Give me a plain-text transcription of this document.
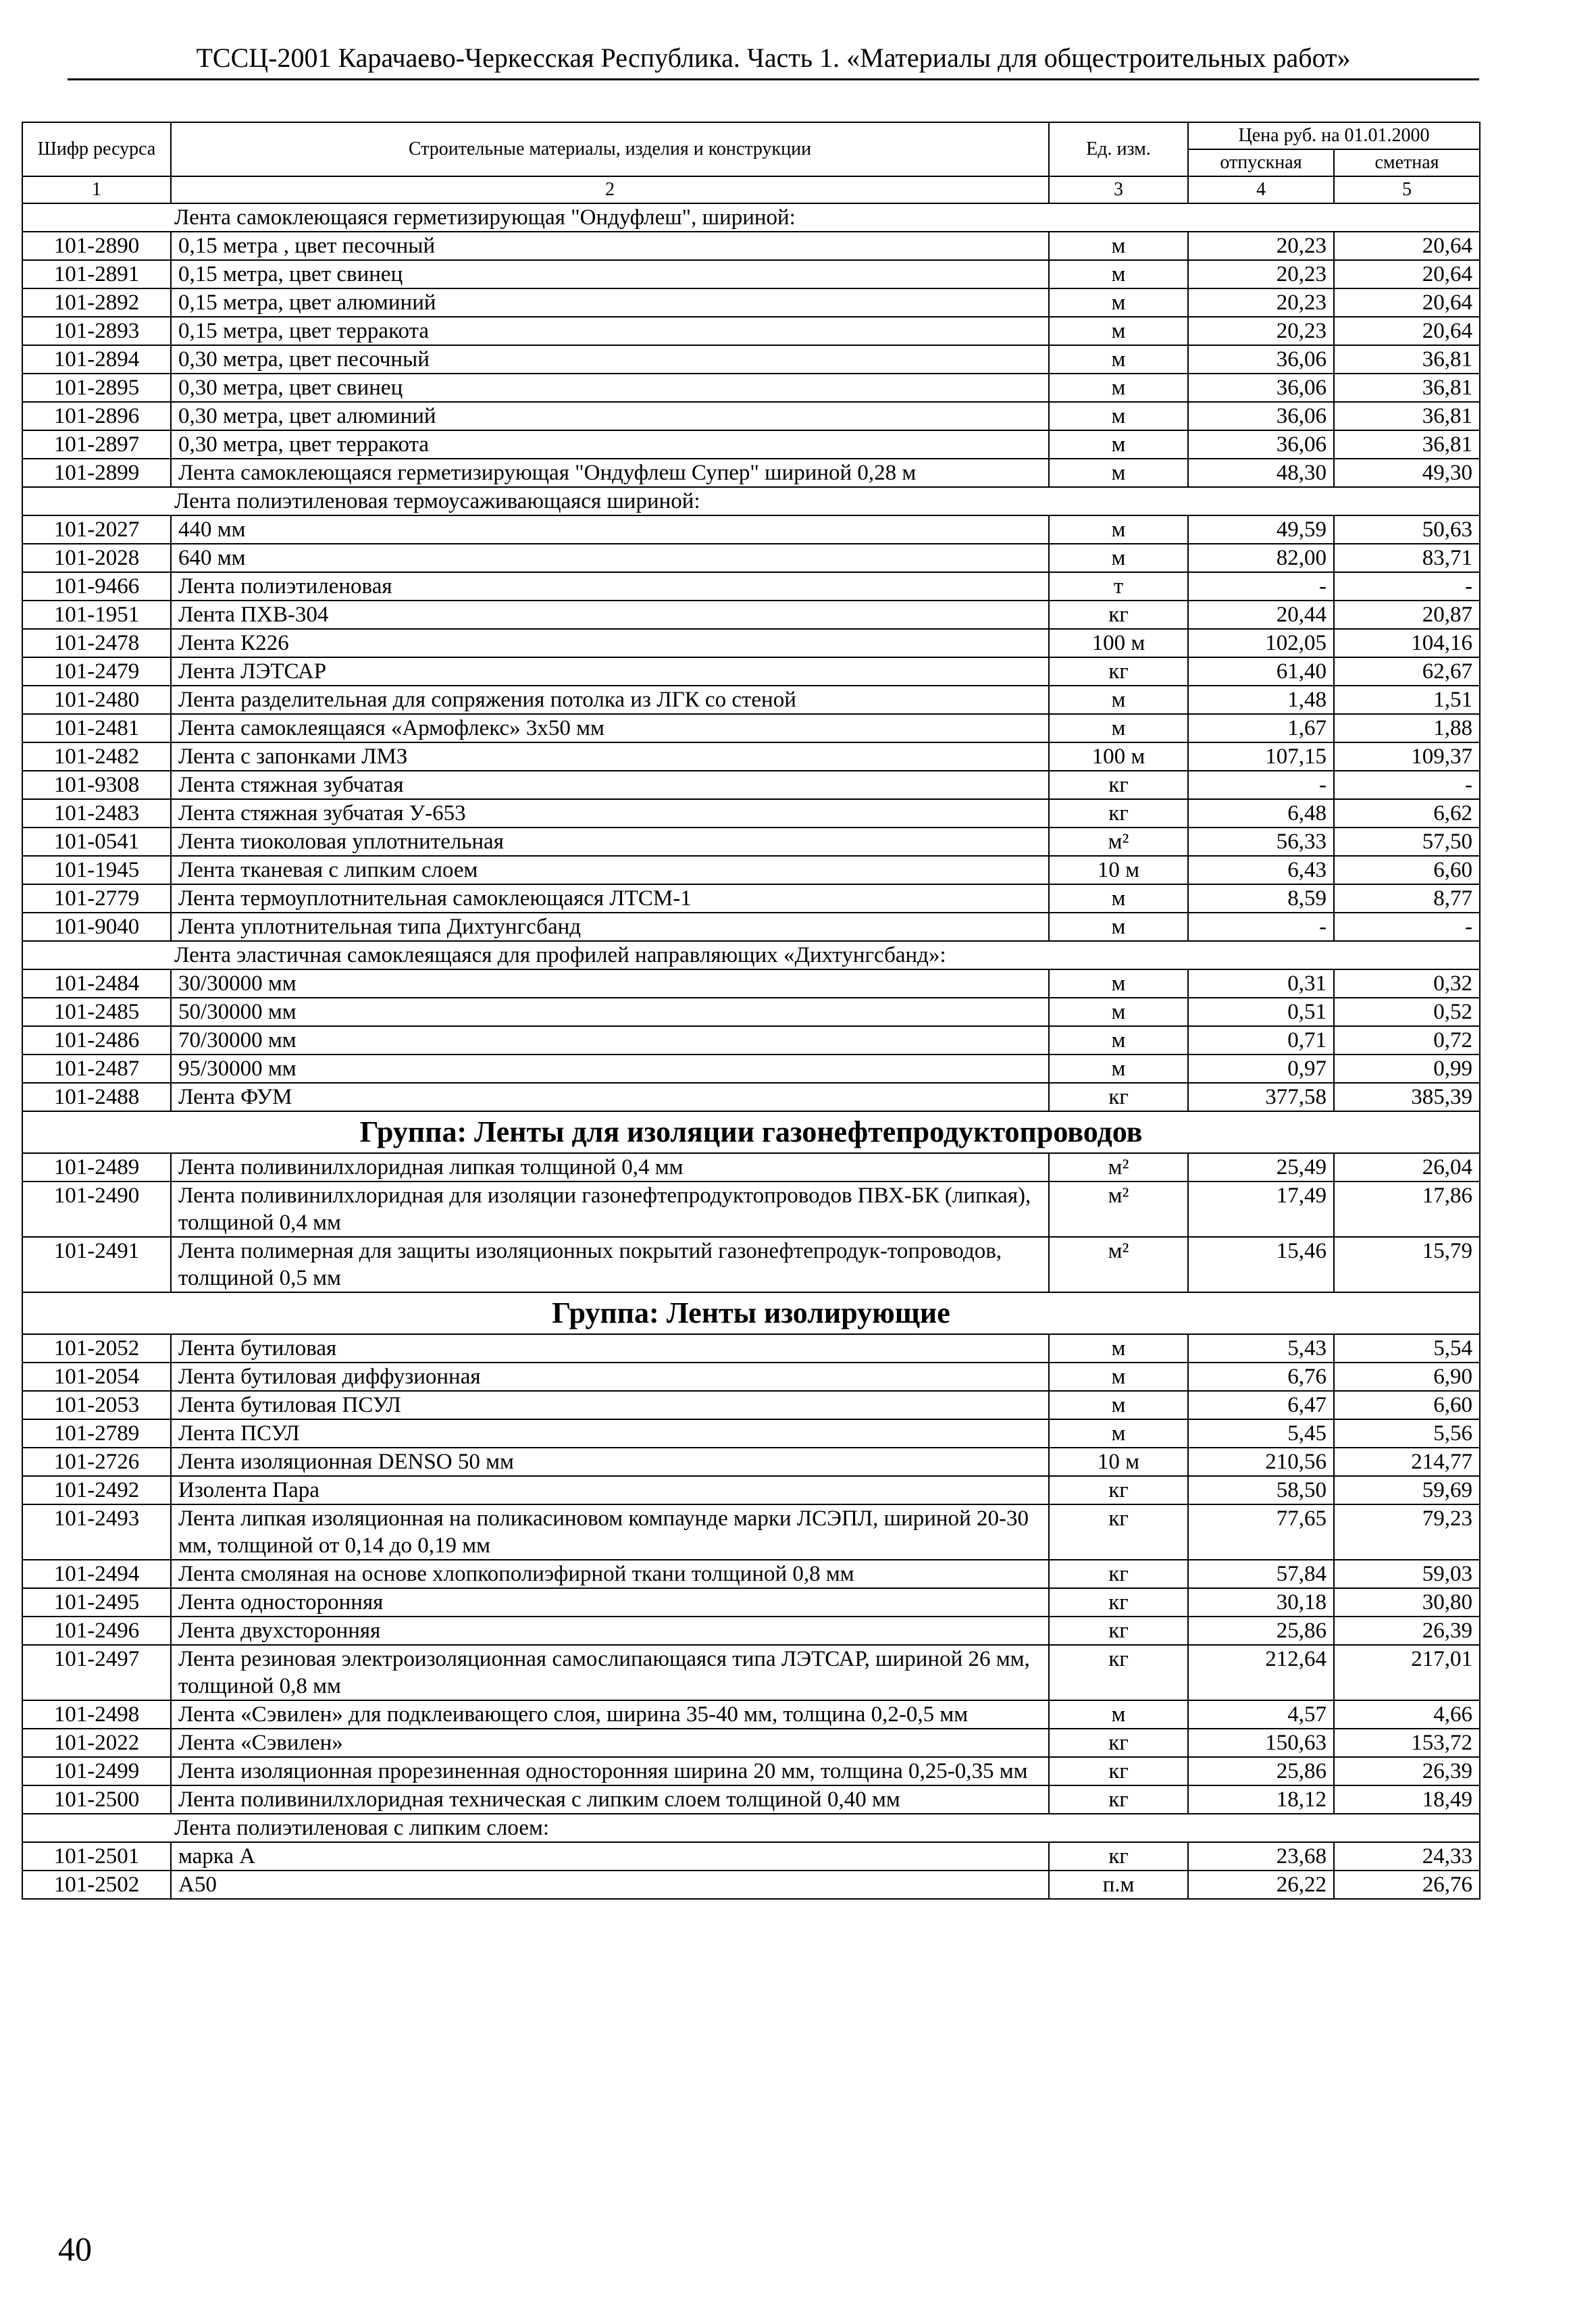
ТССЦ-2001 Карачаево-Черкесская Республика. Часть 1. «Материалы для общестроительных работ»
Шифр ресурса	Строительные материалы, изделия и конструкции	Ед. изм.	Цена руб. на 01.01.2000	
			отпускная	сметная
1	2	3	4	5
Лента самоклеющаяся герметизирующая "Ондуфлеш", шириной:				
101-2890	0,15 метра , цвет песочный	м	20,23	20,64
101-2891	0,15 метра, цвет свинец	м	20,23	20,64
101-2892	0,15 метра, цвет алюминий	м	20,23	20,64
101-2893	0,15 метра, цвет терракота	м	20,23	20,64
101-2894	0,30 метра, цвет песочный	м	36,06	36,81
101-2895	0,30 метра, цвет свинец	м	36,06	36,81
101-2896	0,30 метра, цвет алюминий	м	36,06	36,81
101-2897	0,30 метра, цвет терракота	м	36,06	36,81
101-2899	Лента самоклеющаяся герметизирующая "Ондуфлеш Супер" шириной 0,28 м	м	48,30	49,30
Лента полиэтиленовая термоусаживающаяся шириной:				
101-2027	440 мм	м	49,59	50,63
101-2028	640 мм	м	82,00	83,71
101-9466	Лента полиэтиленовая	т	-	-
101-1951	Лента ПХВ-304	кг	20,44	20,87
101-2478	Лента К226	100 м	102,05	104,16
101-2479	Лента ЛЭТСАР	кг	61,40	62,67
101-2480	Лента разделительная для сопряжения потолка из ЛГК со стеной	м	1,48	1,51
101-2481	Лента самоклеящаяся «Армофлекс» 3х50 мм	м	1,67	1,88
101-2482	Лента с запонками ЛМЗ	100 м	107,15	109,37
101-9308	Лента стяжная зубчатая	кг	-	-
101-2483	Лента стяжная зубчатая У-653	кг	6,48	6,62
101-0541	Лента тиоколовая уплотнительная	м²	56,33	57,50
101-1945	Лента тканевая с липким слоем	10 м	6,43	6,60
101-2779	Лента термоуплотнительная самоклеющаяся ЛТСМ-1	м	8,59	8,77
101-9040	Лента уплотнительная типа Дихтунгсбанд	м	-	-
Лента эластичная самоклеящаяся для профилей направляющих «Дихтунгсбанд»:				
101-2484	30/30000 мм	м	0,31	0,32
101-2485	50/30000 мм	м	0,51	0,52
101-2486	70/30000 мм	м	0,71	0,72
101-2487	95/30000 мм	м	0,97	0,99
101-2488	Лента ФУМ	кг	377,58	385,39
Группа: Ленты для изоляции газонефтепродуктопроводов				
101-2489	Лента поливинилхлоридная липкая толщиной 0,4 мм	м²	25,49	26,04
101-2490	Лента поливинилхлоридная для изоляции газонефтепродуктопроводов ПВХ-БК (липкая), толщиной 0,4 мм	м²	17,49	17,86
101-2491	Лента полимерная для защиты изоляционных покрытий газонефтепродук-топроводов, толщиной 0,5 мм	м²	15,46	15,79
Группа: Ленты изолирующие				
101-2052	Лента бутиловая	м	5,43	5,54
101-2054	Лента бутиловая диффузионная	м	6,76	6,90
101-2053	Лента бутиловая ПСУЛ	м	6,47	6,60
101-2789	Лента ПСУЛ	м	5,45	5,56
101-2726	Лента изоляционная DENSO 50 мм	10 м	210,56	214,77
101-2492	Изолента Пара	кг	58,50	59,69
101-2493	Лента липкая изоляционная на поликасиновом компаунде марки ЛСЭПЛ, шириной 20-30 мм, толщиной от 0,14 до 0,19 мм	кг	77,65	79,23
101-2494	Лента смоляная на основе хлопкополиэфирной ткани толщиной 0,8 мм	кг	57,84	59,03
101-2495	Лента односторонняя	кг	30,18	30,80
101-2496	Лента двухсторонняя	кг	25,86	26,39
101-2497	Лента резиновая электроизоляционная самослипающаяся типа ЛЭТСАР, шириной 26 мм, толщиной 0,8 мм	кг	212,64	217,01
101-2498	Лента «Сэвилен» для подклеивающего слоя, ширина 35-40 мм, толщина 0,2-0,5 мм	м	4,57	4,66
101-2022	Лента «Сэвилен»	кг	150,63	153,72
101-2499	Лента изоляционная прорезиненная односторонняя ширина 20 мм, толщина 0,25-0,35 мм	кг	25,86	26,39
101-2500	Лента поливинилхлоридная техническая с липким слоем толщиной 0,40 мм	кг	18,12	18,49
Лента полиэтиленовая с липким слоем:				
101-2501	марка А	кг	23,68	24,33
101-2502	А50	п.м	26,22	26,76
40
